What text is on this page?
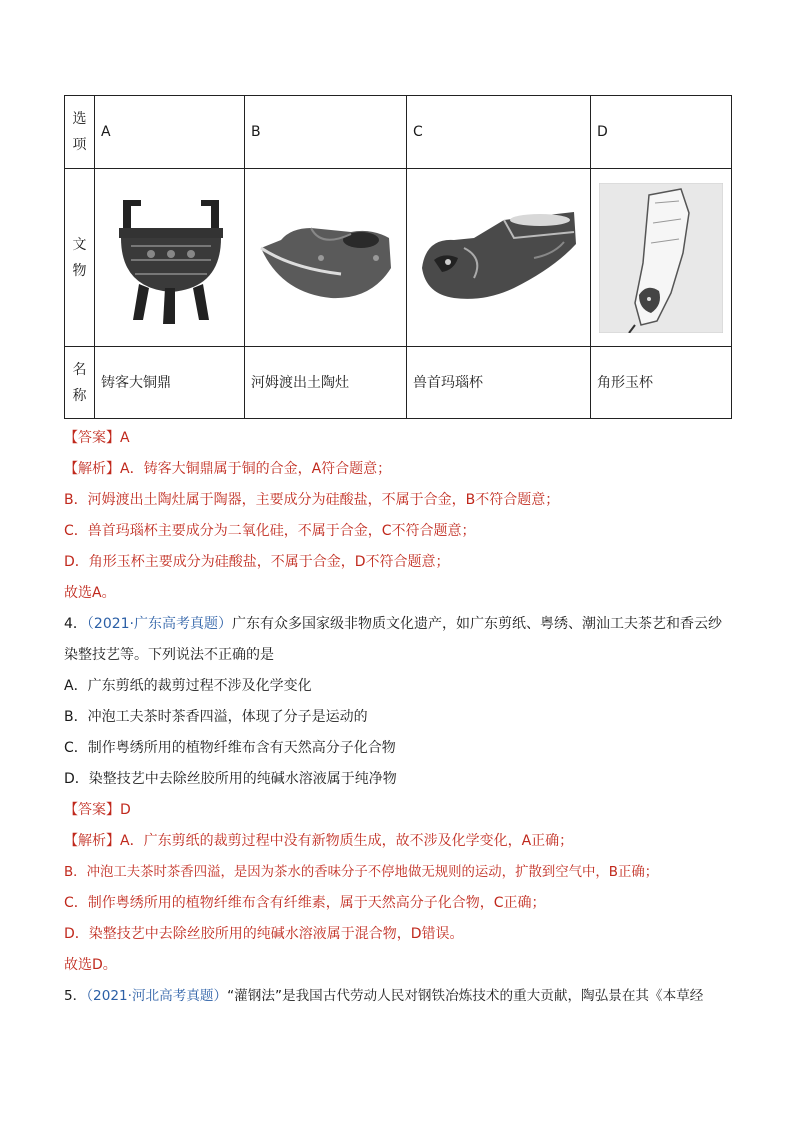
选
项	A	B	C	D

文
物

名
称	铸客大铜鼎	河姆渡出土陶灶	兽首玛瑙杯	角形玉杯
【答案】A
【解析】A．铸客大铜鼎属于铜的合金，A符合题意；
B．河姆渡出土陶灶属于陶器，主要成分为硅酸盐，不属于合金，B不符合题意；
C．兽首玛瑙杯主要成分为二氧化硅，不属于合金，C不符合题意；
D．角形玉杯主要成分为硅酸盐，不属于合金，D不符合题意；
故选A。
4．（2021·广东高考真题）广东有众多国家级非物质文化遗产，如广东剪纸、粤绣、潮汕工夫茶艺和香云纱
染整技艺等。下列说法不正确的是
A．广东剪纸的裁剪过程不涉及化学变化
B．冲泡工夫茶时茶香四溢，体现了分子是运动的
C．制作粤绣所用的植物纤维布含有天然高分子化合物
D．染整技艺中去除丝胶所用的纯碱水溶液属于纯净物
【答案】D
【解析】A．广东剪纸的裁剪过程中没有新物质生成，故不涉及化学变化，A正确；
B．冲泡工夫茶时茶香四溢，是因为茶水的香味分子不停地做无规则的运动，扩散到空气中，B正确；
C．制作粤绣所用的植物纤维布含有纤维素，属于天然高分子化合物，C正确；
D．染整技艺中去除丝胶所用的纯碱水溶液属于混合物，D错误。
故选D。
5．（2021·河北高考真题）“灌钢法”是我国古代劳动人民对钢铁冶炼技术的重大贡献，陶弘景在其《本草经
